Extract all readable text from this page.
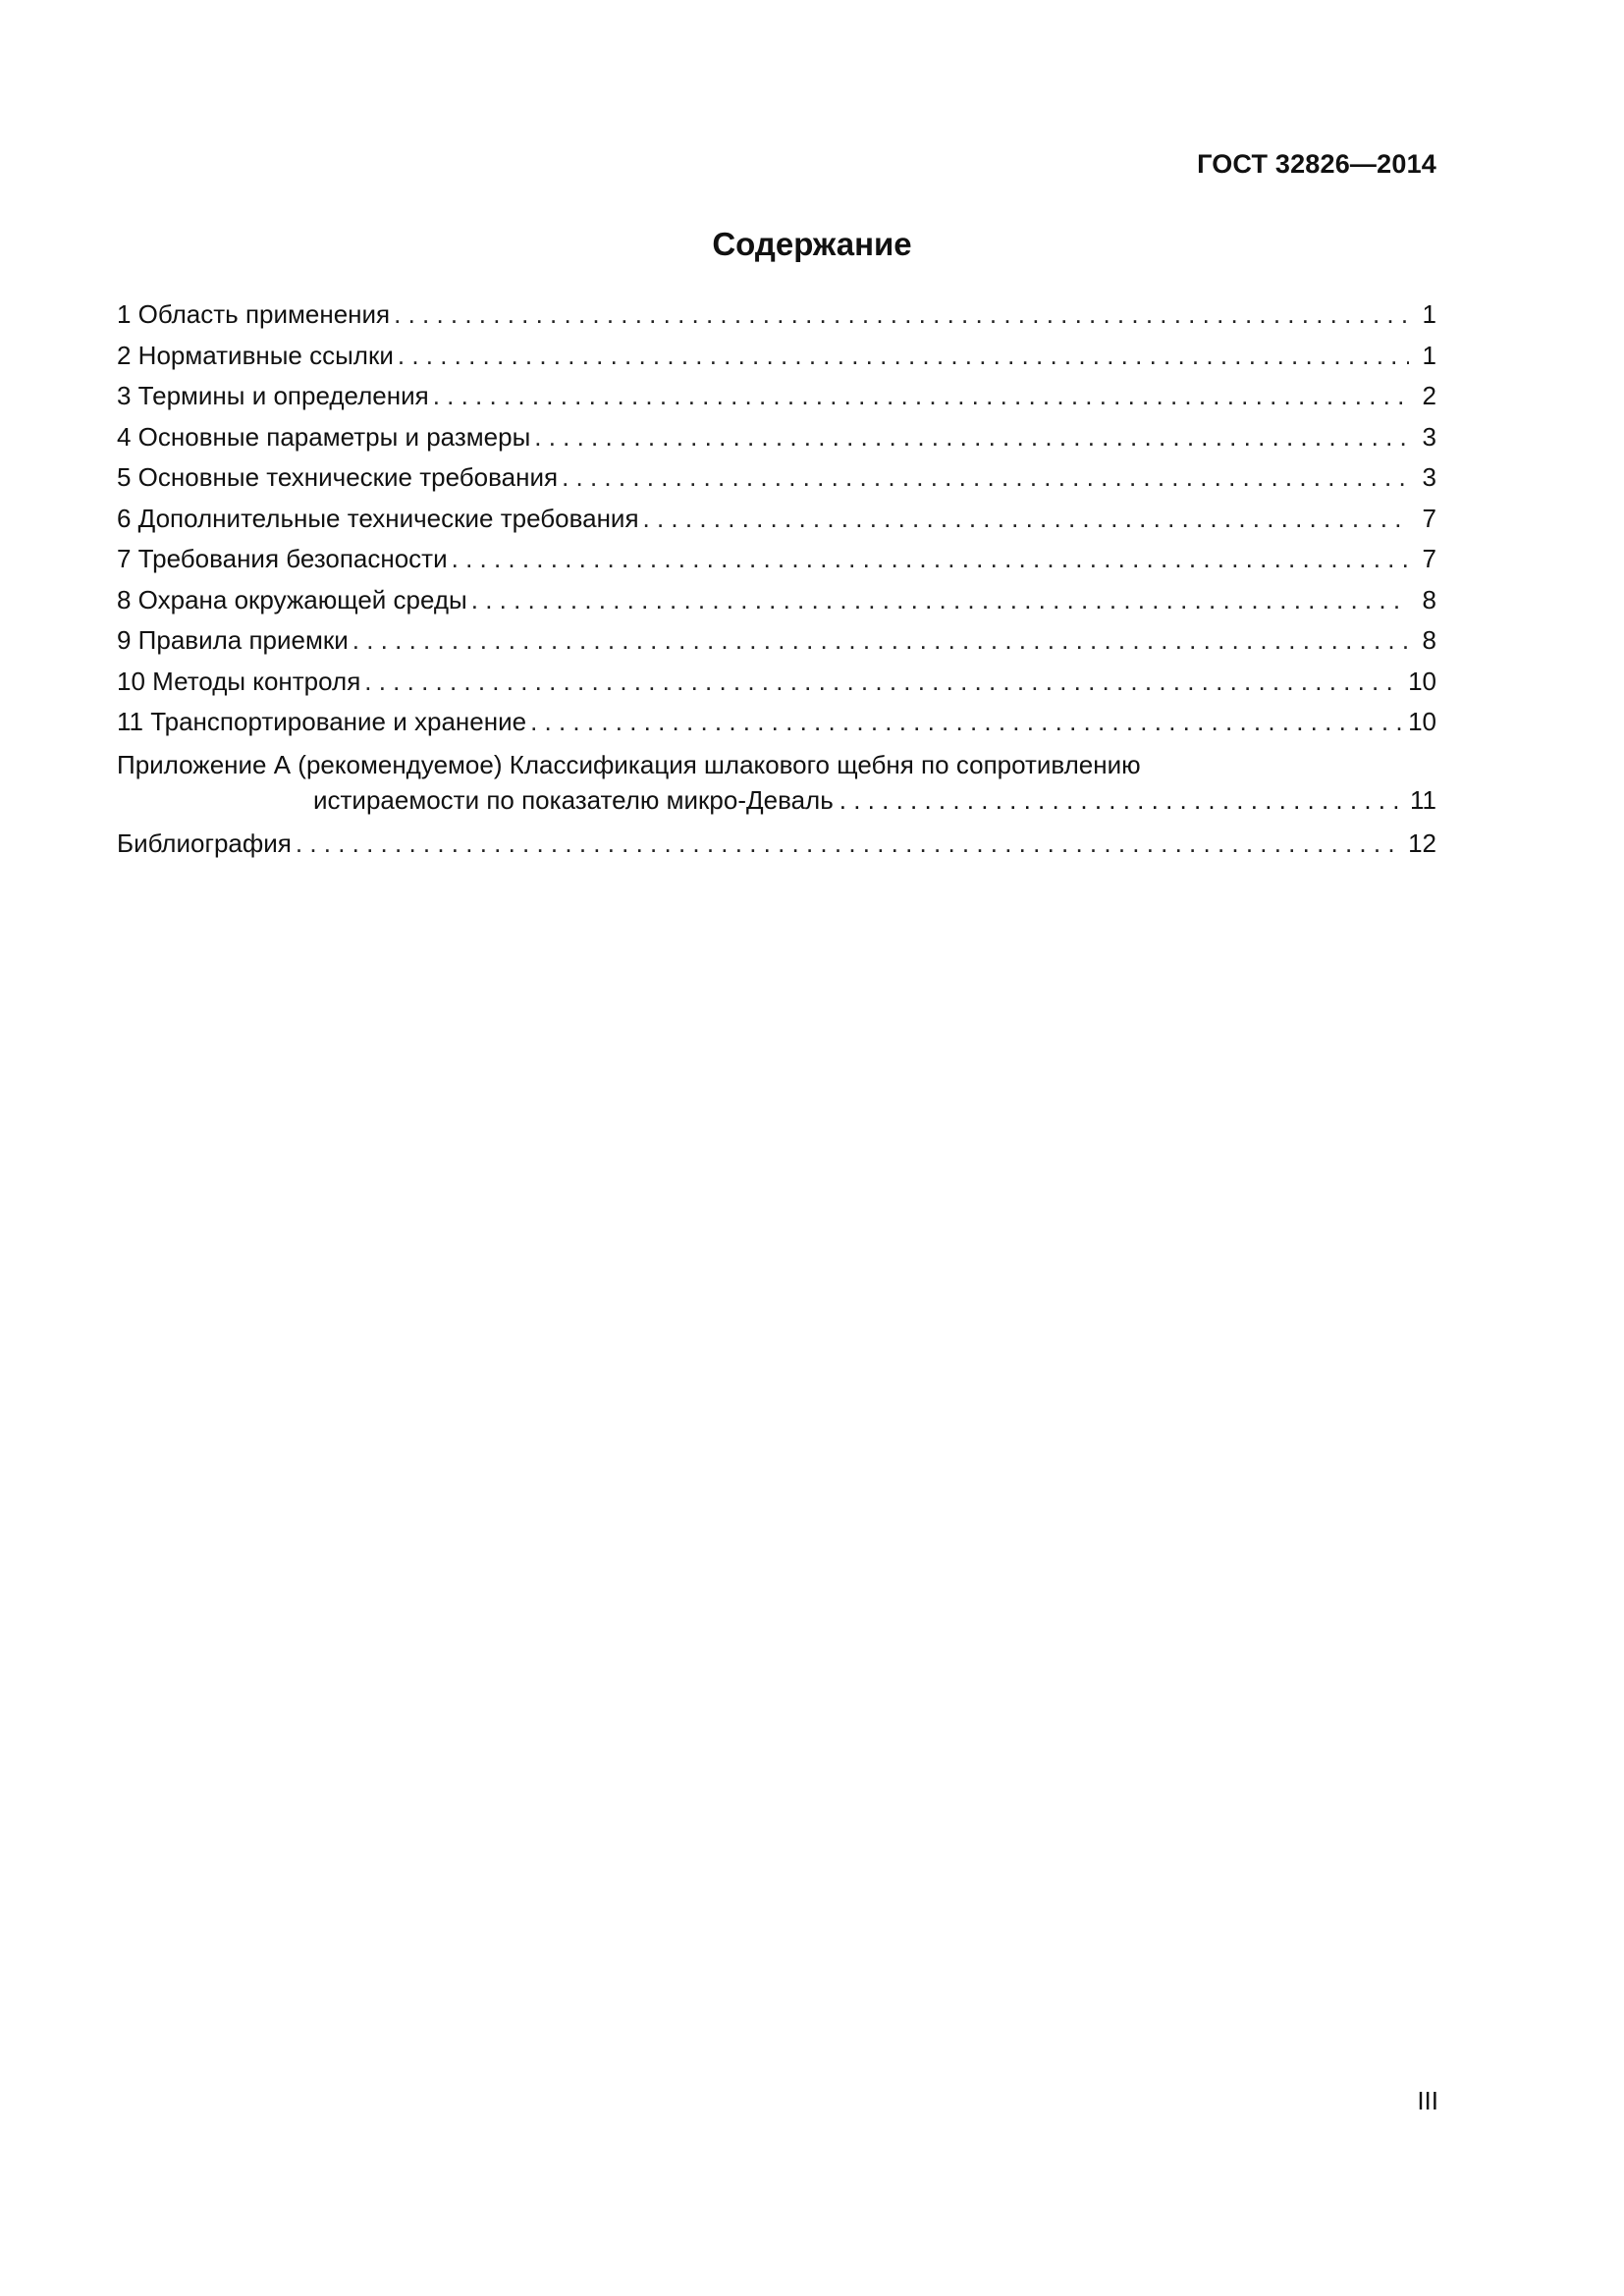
ГОСТ 32826—2014
Содержание
1 Область применения . . .	1
2 Нормативные ссылки . . .	1
3 Термины и определения . . .	2
4 Основные параметры и размеры . . .	3
5 Основные технические требования . . .	3
6 Дополнительные технические требования . . .	7
7 Требования безопасности . . .	7
8 Охрана окружающей среды . . .	8
9 Правила приемки . . .	8
10 Методы контроля . . .	10
11 Транспортирование и хранение . . .	10
Приложение А (рекомендуемое) Классификация шлакового щебня по сопротивлению
истираемости по показателю микро-Деваль . . .	11
Библиография . . .	12
III
